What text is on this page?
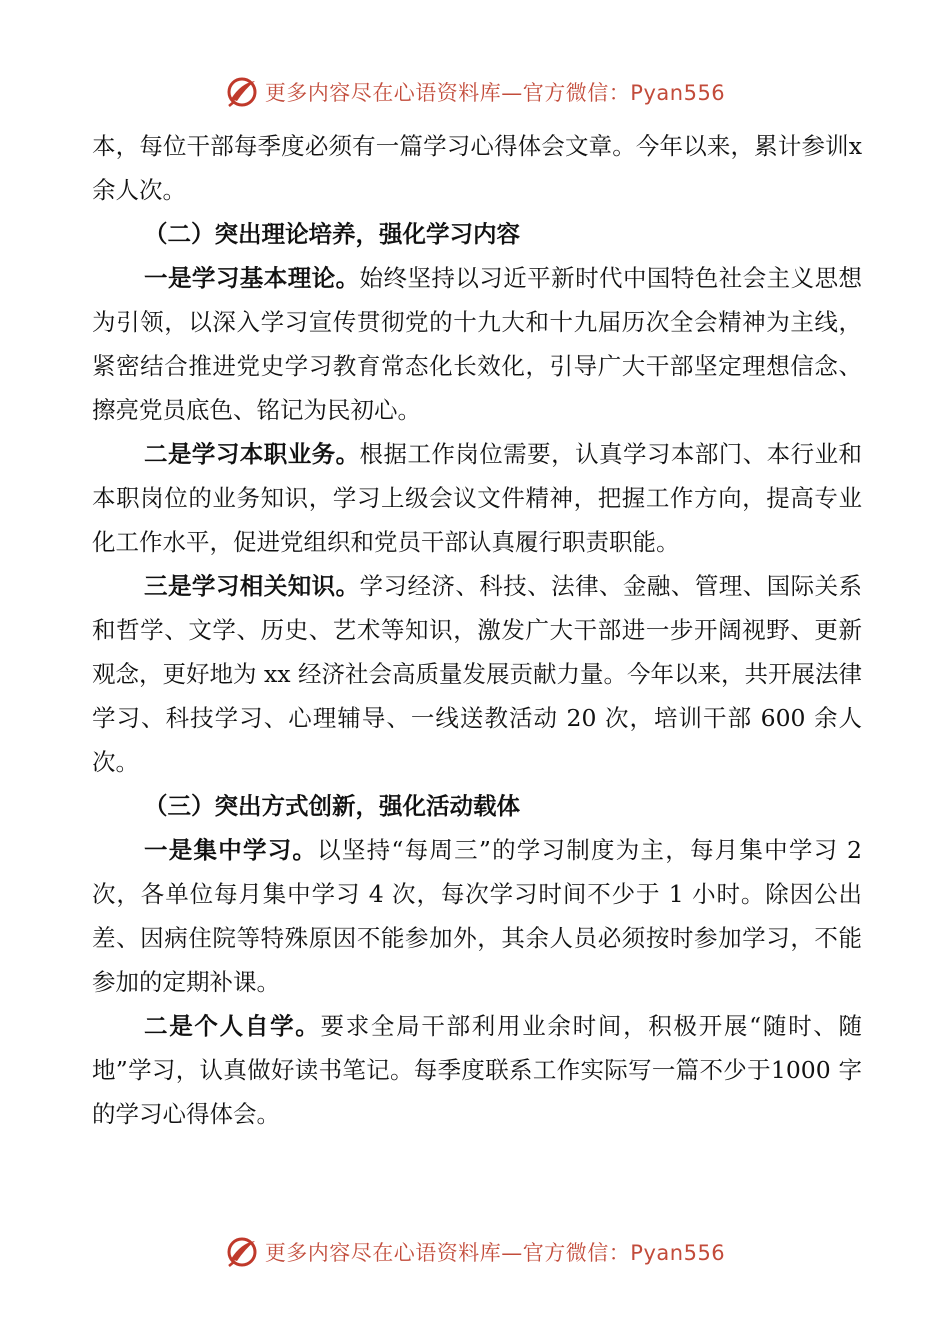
更多内容尽在心语资料库—官方微信：Pyan556

本，每位干部每季度必须有一篇学习心得体会文章。今年以来，累计参训x 余人次。

（二）突出理论培养，强化学习内容

一是学习基本理论。始终坚持以习近平新时代中国特色社会主义思想为引领，以深入学习宣传贯彻党的十九大和十九届历次全会精神为主线，紧密结合推进党史学习教育常态化长效化，引导广大干部坚定理想信念、擦亮党员底色、铭记为民初心。

二是学习本职业务。根据工作岗位需要，认真学习本部门、本行业和本职岗位的业务知识，学习上级会议文件精神，把握工作方向，提高专业化工作水平，促进党组织和党员干部认真履行职责职能。

三是学习相关知识。学习经济、科技、法律、金融、管理、国际关系和哲学、文学、历史、艺术等知识，激发广大干部进一步开阔视野、更新观念，更好地为 xx 经济社会高质量发展贡献力量。今年以来，共开展法律学习、科技学习、心理辅导、一线送教活动 20 次，培训干部 600 余人次。

（三）突出方式创新，强化活动载体

一是集中学习。以坚持“每周三”的学习制度为主，每月集中学习 2 次，各单位每月集中学习 4 次，每次学习时间不少于 1 小时。除因公出差、因病住院等特殊原因不能参加外，其余人员必须按时参加学习，不能参加的定期补课。

二是个人自学。要求全局干部利用业余时间，积极开展“随时、随地”学习，认真做好读书笔记。每季度联系工作实际写一篇不少于1000 字的学习心得体会。

更多内容尽在心语资料库—官方微信：Pyan556
